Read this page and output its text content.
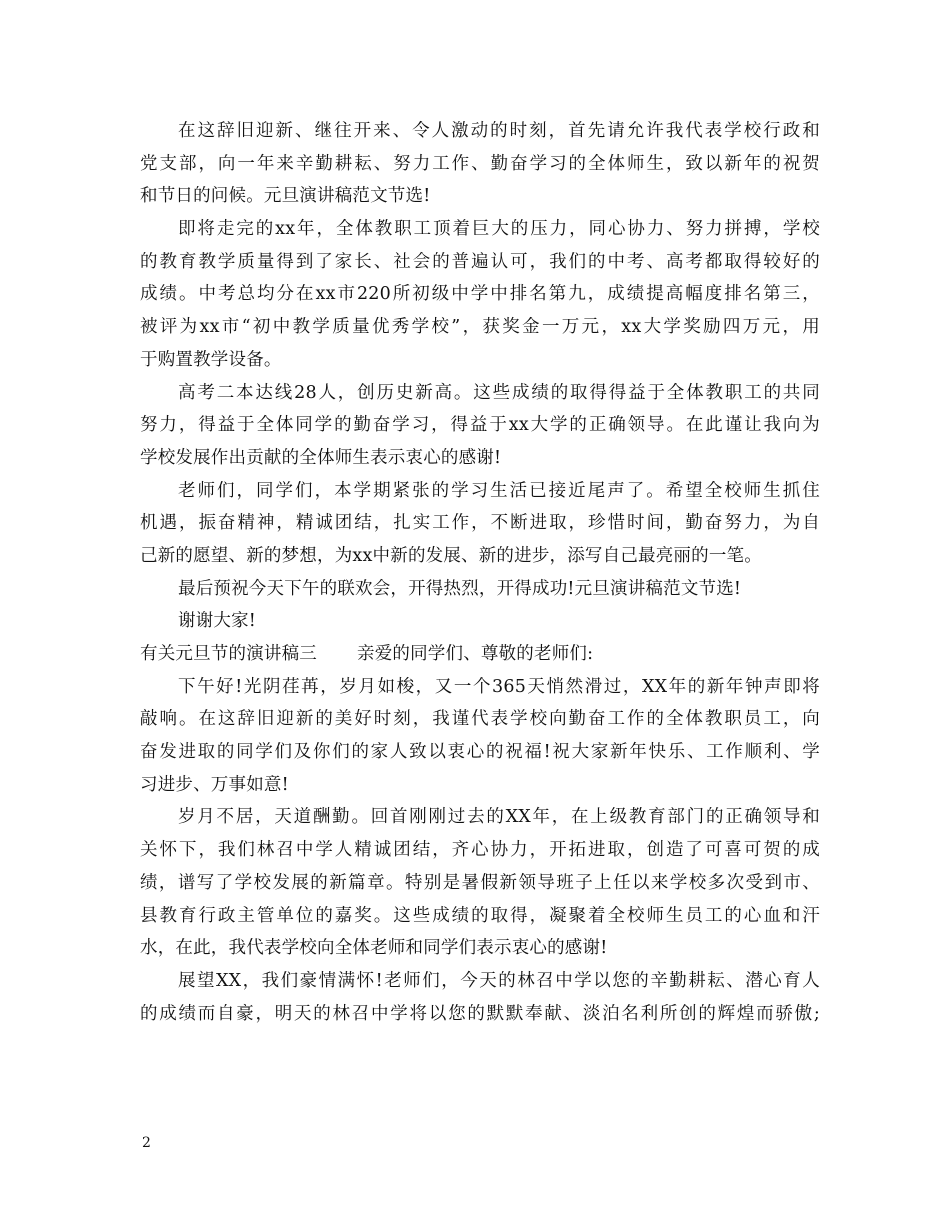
在这辞旧迎新、继往开来、令人激动的时刻，首先请允许我代表学校行政和
党支部，向一年来辛勤耕耘、努力工作、勤奋学习的全体师生，致以新年的祝贺
和节日的问候。元旦演讲稿范文节选!
即将走完的xx年，全体教职工顶着巨大的压力，同心协力、努力拼搏，学校
的教育教学质量得到了家长、社会的普遍认可，我们的中考、高考都取得较好的
成绩。中考总均分在xx市220所初级中学中排名第九，成绩提高幅度排名第三，
被评为xx市“初中教学质量优秀学校”，获奖金一万元，xx大学奖励四万元，用
于购置教学设备。
高考二本达线28人，创历史新高。这些成绩的取得得益于全体教职工的共同
努力，得益于全体同学的勤奋学习，得益于xx大学的正确领导。在此谨让我向为
学校发展作出贡献的全体师生表示衷心的感谢!
老师们，同学们，本学期紧张的学习生活已接近尾声了。希望全校师生抓住
机遇，振奋精神，精诚团结，扎实工作，不断进取，珍惜时间，勤奋努力，为自
己新的愿望、新的梦想，为xx中新的发展、新的进步，添写自己最亮丽的一笔。
最后预祝今天下午的联欢会，开得热烈，开得成功!元旦演讲稿范文节选!
谢谢大家!
有关元旦节的演讲稿三 亲爱的同学们、尊敬的老师们:
下午好!光阴荏苒，岁月如梭，又一个365天悄然滑过，XX年的新年钟声即将
敲响。在这辞旧迎新的美好时刻，我谨代表学校向勤奋工作的全体教职员工，向
奋发进取的同学们及你们的家人致以衷心的祝福!祝大家新年快乐、工作顺利、学
习进步、万事如意!
岁月不居，天道酬勤。回首刚刚过去的XX年，在上级教育部门的正确领导和
关怀下，我们林召中学人精诚团结，齐心协力，开拓进取，创造了可喜可贺的成
绩，谱写了学校发展的新篇章。特别是暑假新领导班子上任以来学校多次受到市、
县教育行政主管单位的嘉奖。这些成绩的取得，凝聚着全校师生员工的心血和汗
水，在此，我代表学校向全体老师和同学们表示衷心的感谢!
展望XX，我们豪情满怀!老师们，今天的林召中学以您的辛勤耕耘、潜心育人
的成绩而自豪，明天的林召中学将以您的默默奉献、淡泊名利所创的辉煌而骄傲;
2
